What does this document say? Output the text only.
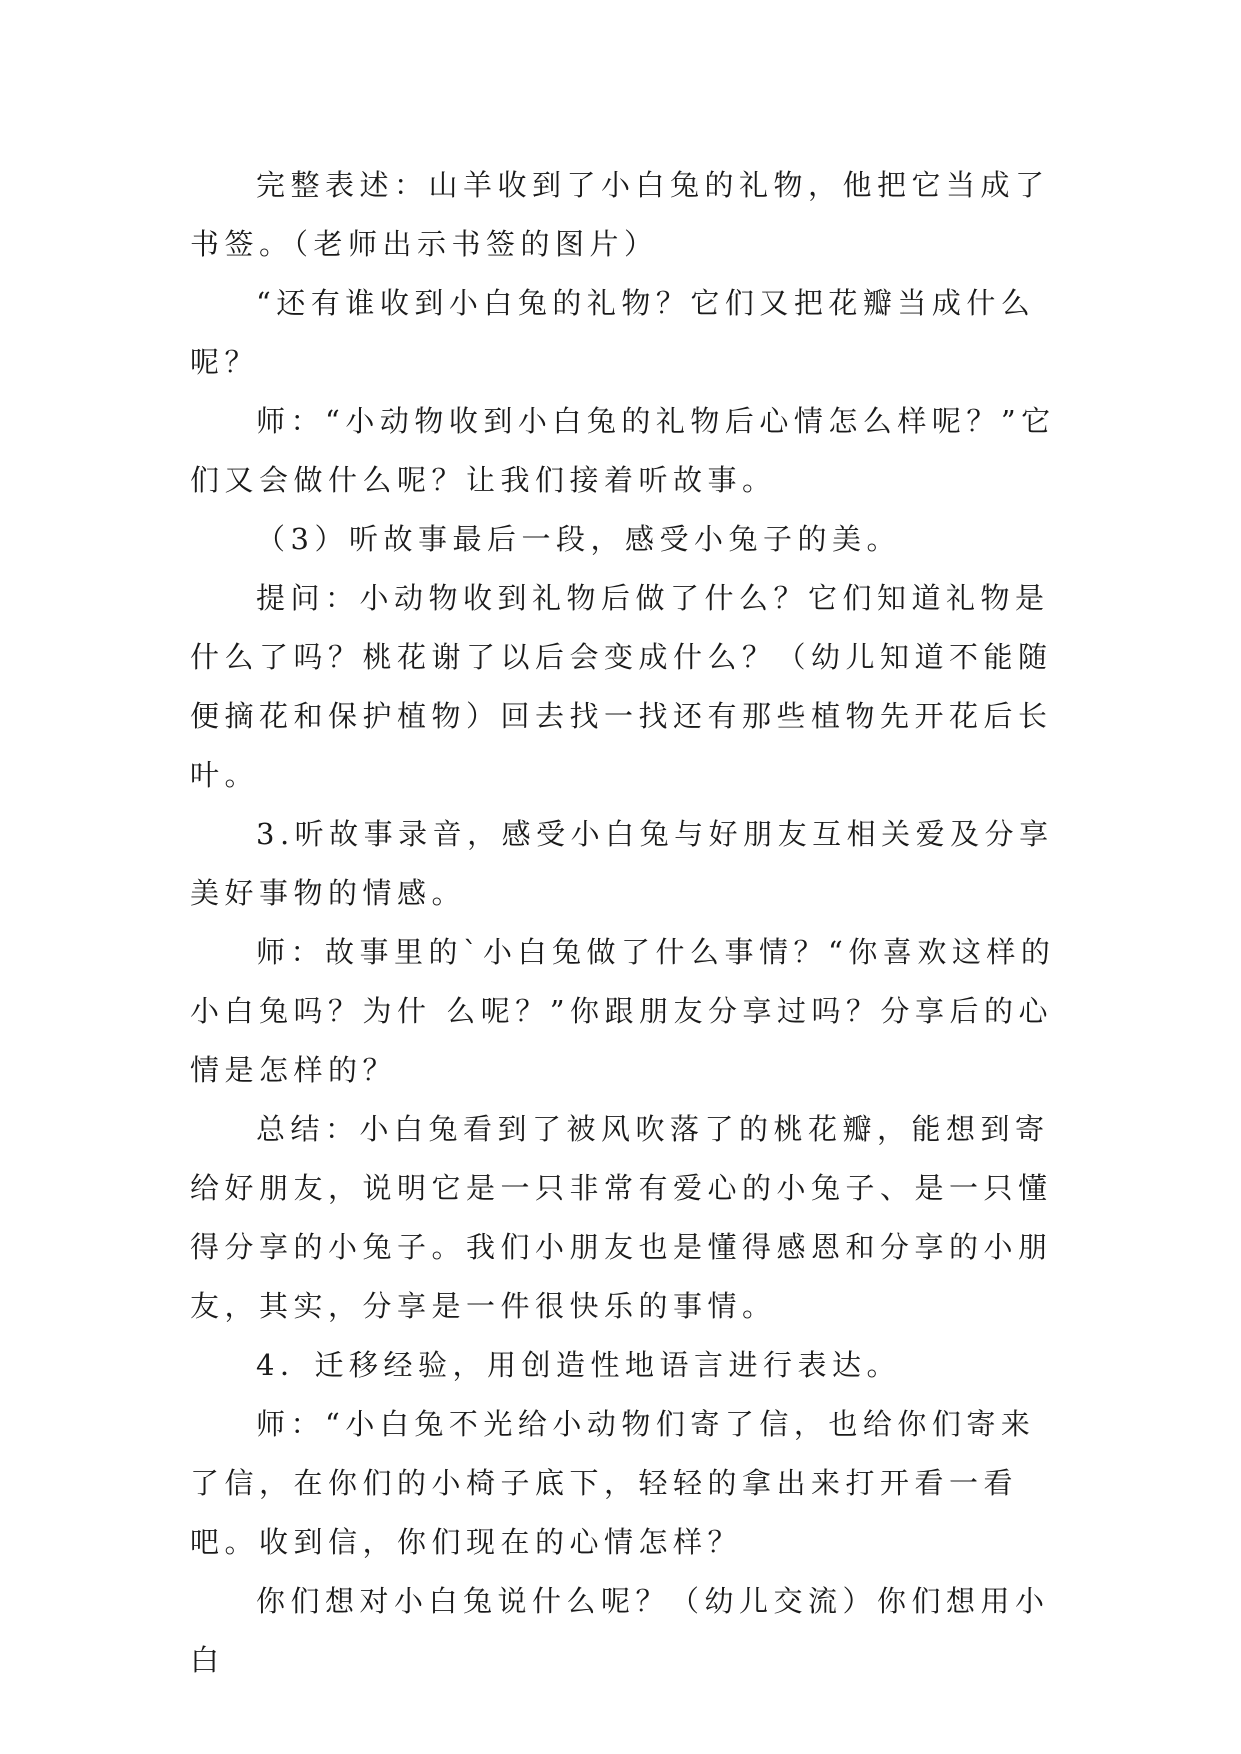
完整表述：山羊收到了小白兔的礼物，他把它当成了书签。（老师出示书签的图片）

“还有谁收到小白兔的礼物？它们又把花瓣当成什么呢？

师：“小动物收到小白兔的礼物后心情怎么样呢？”它们又会做什么呢？让我们接着听故事。

（3）听故事最后一段，感受小兔子的美。

提问：小动物收到礼物后做了什么？它们知道礼物是什么了吗？桃花谢了以后会变成什么？（幼儿知道不能随便摘花和保护植物）回去找一找还有那些植物先开花后长叶。

3.听故事录音，感受小白兔与好朋友互相关爱及分享美好事物的情感。

师：故事里的`小白兔做了什么事情？“你喜欢这样的小白兔吗？为什 么呢？”你跟朋友分享过吗？分享后的心情是怎样的？

总结：小白兔看到了被风吹落了的桃花瓣，能想到寄给好朋友，说明它是一只非常有爱心的小兔子、是一只懂得分享的小兔子。我们小朋友也是懂得感恩和分享的小朋友，其实，分享是一件很快乐的事情。

4．迁移经验，用创造性地语言进行表达。

师：“小白兔不光给小动物们寄了信，也给你们寄来了信，在你们的小椅子底下，轻轻的拿出来打开看一看吧。收到信，你们现在的心情怎样？

你们想对小白兔说什么呢？（幼儿交流）你们想用小白
